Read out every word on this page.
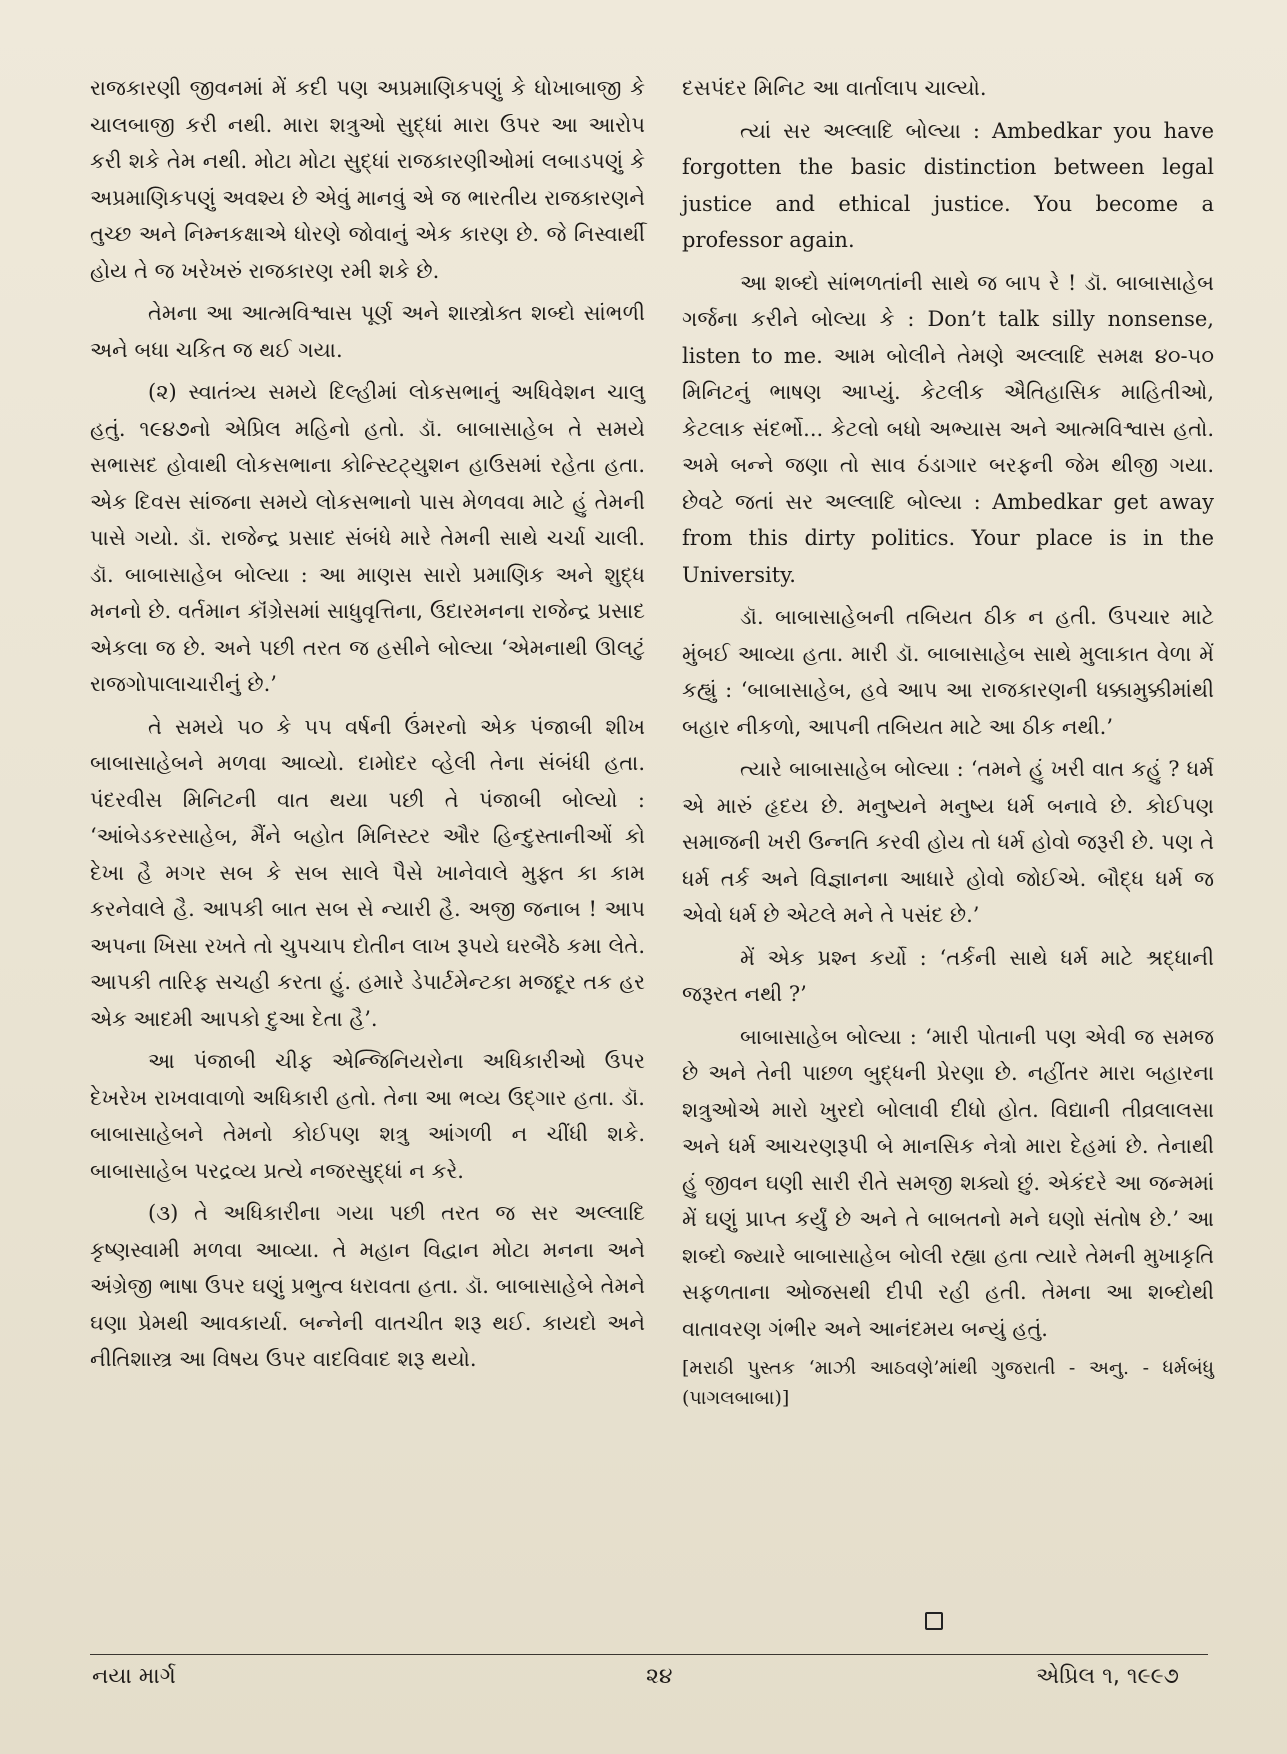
રાજકારણી જીવનમાં મેં કદી પણ અપ્રમાણિકપણું કે ધોખાબાજી કે ચાલબાજી કરી નથી. મારા શત્રુઓ સુદ્ધાં મારા ઉપર આ આરોપ કરી શકે તેમ નથી. મોટા મોટા સુદ્ધાં રાજકારણીઓમાં લબાડપણું કે અપ્રમાણિકપણું અવશ્ય છે એવું માનવું એ જ ભારતીય રાજકારણને તુચ્છ અને નિમ્નકક્ષાએ ધોરણે જોવાનું એક કારણ છે. જે નિસ્વાર્થી હોય તે જ ખરેખરું રાજકારણ રમી શકે છે.

તેમના આ આત્મવિશ્વાસ પૂર્ણ અને શાસ્ત્રોક્ત શબ્દો સાંભળી અને બધા ચકિત જ થઈ ગયા.

(૨) સ્વાતંત્ર્ય સમયે દિલ્હીમાં લોકસભાનું અધિવેશન ચાલુ હતું. ૧૯૪૭નો એપ્રિલ મહિનો હતો. ડૉ. બાબાસાહેબ તે સમયે સભાસદ હોવાથી લોકસભાના કોન્સ્ટિટ્યુશન હાઉસમાં રહેતા હતા. એક દિવસ સાંજના સમયે લોકસભાનો પાસ મેળવવા માટે હું તેમની પાસે ગયો. ડૉ. રાજેન્દ્ર પ્રસાદ સંબંધે મારે તેમની સાથે ચર્ચા ચાલી. ડૉ. બાબાસાહેબ બોલ્યા : આ માણસ સારો પ્રમાણિક અને શુદ્ધ મનનો છે. વર્તમાન કૉંગ્રેસમાં સાધુવૃત્તિના, ઉદારમનના રાજેન્દ્ર પ્રસાદ એકલા જ છે. અને પછી તરત જ હસીને બોલ્યા ‘એમનાથી ઊલટું રાજગોપાલાચારીનું છે.’

તે સમયે ૫૦ કે ૫૫ વર્ષની ઉંમરનો એક પંજાબી શીખ બાબાસાહેબને મળવા આવ્યો. દામોદર વ્હેલી તેના સંબંધી હતા. પંદરવીસ મિનિટની વાત થયા પછી તે પંજાબી બોલ્યો : ‘આંબેડકરસાહેબ, મૈંને બહોત મિનિસ્ટર ઔર હિન્દુસ્તાનીઓં કો દેખા હૈ મગર સબ કે સબ સાલે પૈસે ખાનેવાલે મુફ્ત કા કામ કરનેવાલે હૈ. આપકી બાત સબ સે ન્યારી હૈ. અજી જનાબ ! આપ અપના ખિસા રખતે તો ચુપચાપ દોતીન લાખ રૂપયે ઘરબૈઠે કમા લેતે. આપકી તારિફ સચહી કરતા હું. હમારે ડેપાર્ટમેન્ટકા મજદૂર તક હર એક આદમી આપકો દુઆ દેતા હૈ’.

આ પંજાબી ચીફ એન્જિનિયરોના અધિકારીઓ ઉપર દેખરેખ રાખવાવાળો અધિકારી હતો. તેના આ ભવ્ય ઉદ્ગાર હતા. ડૉ. બાબાસાહેબને તેમનો કોઈપણ શત્રુ આંગળી ન ચીંધી શકે. બાબાસાહેબ પરદ્રવ્ય પ્રત્યે નજરસુદ્ધાં ન કરે.

(૩) તે અધિકારીના ગયા પછી તરત જ સર અલ્લાદિ કૃષ્ણસ્વામી મળવા આવ્યા. તે મહાન વિદ્વાન મોટા મનના અને અંગ્રેજી ભાષા ઉપર ઘણું પ્રભુત્વ ધરાવતા હતા. ડૉ. બાબાસાહેબે તેમને ઘણા પ્રેમથી આવકાર્યા. બન્નેની વાતચીત શરૂ થઈ. કાયદો અને નીતિશાસ્ત્ર આ વિષય ઉપર વાદવિવાદ શરૂ થયો.

દસપંદર મિનિટ આ વાર્તાલાપ ચાલ્યો.

ત્યાં સર અલ્લાદિ બોલ્યા : Ambedkar you have forgotten the basic distinction between legal justice and ethical justice. You become a professor again.

આ શબ્દો સાંભળતાંની સાથે જ બાપ રે ! ડૉ. બાબાસાહેબ ગર્જના કરીને બોલ્યા કે : Don’t talk silly nonsense, listen to me. આમ બોલીને તેમણે અલ્લાદિ સમક્ષ ૪૦-૫૦ મિનિટનું ભાષણ આપ્યું. કેટલીક ઐતિહાસિક માહિતીઓ, કેટલાક સંદર્ભો... કેટલો બધો અભ્યાસ અને આત્મવિશ્વાસ હતો. અમે બન્ને જણા તો સાવ ઠંડાગાર બરફની જેમ થીજી ગયા. છેવટે જતાં સર અલ્લાદિ બોલ્યા : Ambedkar get away from this dirty politics. Your place is in the University.

ડૉ. બાબાસાહેબની તબિયત ઠીક ન હતી. ઉપચાર માટે મુંબઈ આવ્યા હતા. મારી ડૉ. બાબાસાહેબ સાથે મુલાકાત વેળા મેં કહ્યું : ‘બાબાસાહેબ, હવે આપ આ રાજકારણની ધક્કામુક્કીમાંથી બહાર નીકળો, આપની તબિયત માટે આ ઠીક નથી.’

ત્યારે બાબાસાહેબ બોલ્યા : ‘તમને હું ખરી વાત કહું ? ધર્મ એ મારું હૃદય છે. મનુષ્યને મનુષ્ય ધર્મ બનાવે છે. કોઈપણ સમાજની ખરી ઉન્નતિ કરવી હોય તો ધર્મ હોવો જરૂરી છે. પણ તે ધર્મ તર્ક અને વિજ્ઞાનના આધારે હોવો જોઈએ. બૌદ્ધ ધર્મ જ એવો ધર્મ છે એટલે મને તે પસંદ છે.’

મેં એક પ્રશ્ન કર્યો : ‘તર્કની સાથે ધર્મ માટે શ્રદ્ધાની જરૂરત નથી ?’

બાબાસાહેબ બોલ્યા : ‘મારી પોતાની પણ એવી જ સમજ છે અને તેની પાછળ બુદ્ધની પ્રેરણા છે. નહીંતર મારા બહારના શત્રુઓએ મારો ખુરદો બોલાવી દીધો હોત. વિદ્યાની તીવ્રલાલસા અને ધર્મ આચરણરૂપી બે માનસિક નેત્રો મારા દેહમાં છે. તેનાથી હું જીવન ઘણી સારી રીતે સમજી શક્યો છું. એકંદરે આ જન્મમાં મેં ઘણું પ્રાપ્ત કર્યું છે અને તે બાબતનો મને ઘણો સંતોષ છે.’ આ શબ્દો જ્યારે બાબાસાહેબ બોલી રહ્યા હતા ત્યારે તેમની મુખાકૃતિ સફળતાના ઓજસથી દીપી રહી હતી. તેમના આ શબ્દોથી વાતાવરણ ગંભીર અને આનંદમય બન્યું હતું.

[મરાઠી પુસ્તક ‘માઝી આઠવણે’માંથી ગુજરાતી - અનુ. - ધર્મબંધુ (પાગલબાબા)]

નયા માર્ગ	૨૪	એપ્રિલ ૧, ૧૯૯૭
